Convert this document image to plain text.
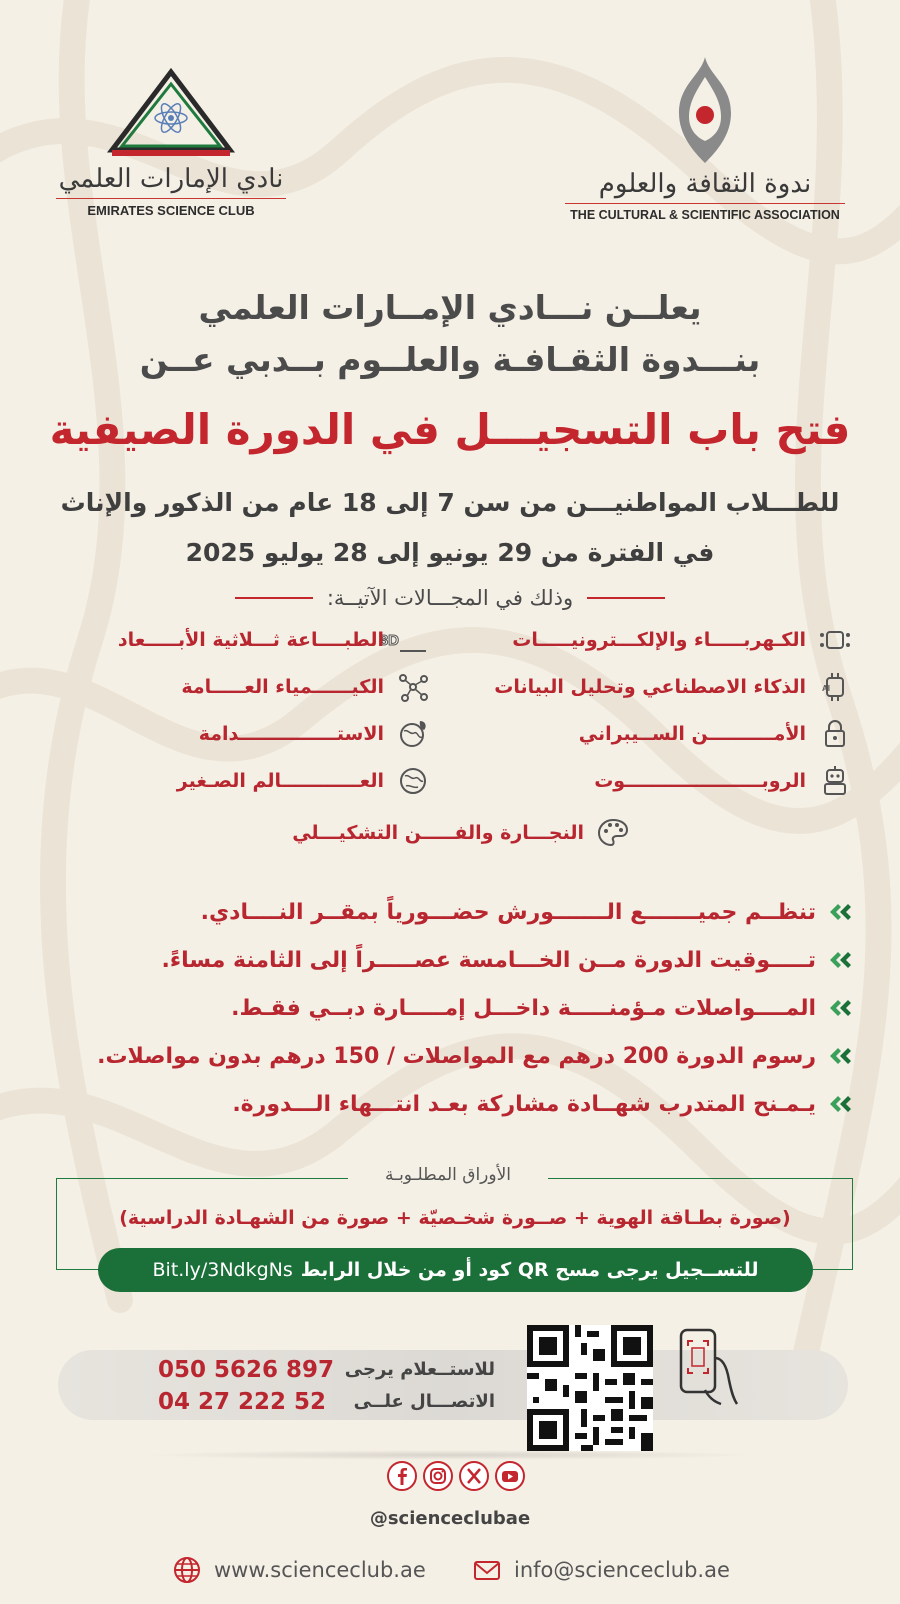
نادي الإمارات العلمي
EMIRATES SCIENCE CLUB
ندوة الثقافة والعلوم
THE CULTURAL & SCIENTIFIC ASSOCIATION
يعلــن نـــادي الإمــارات العلمي
بنـــدوة الثقـافـة والعلــوم بــدبي عــن
فتح باب التسجيـــل في الدورة الصيفية
للطـــلاب المواطنيـــن من سن 7 إلى 18 عام من الذكور والإناث
في الفترة من 29 يونيو إلى 28 يوليو 2025
وذلك في المجـــالات الآتيــة:
الكـهربـــــاء والإلكـــترونيـــــات
3D
الطبــــاعة ثـــلاثية الأبـــــعاد
AI
الذكاء الاصطناعي وتحليل البيانات
الكيــــــمياء العـــــامة
الأمــــــــــن الســيبراني
الاستـــــــــــــــدامة
الروبـــــــــــــــــــــوت
العــــــــــــالم الصـغير
النجـــارة والفـــــن التشكيـــلي
تنظــم جميـــــــع الـــــــورش حضـــورياً بمقــر النــــادي.
تـــــوقيت الدورة مــن الخـــامسة عصـــــراً إلى الثامنة مساءً.
المــــواصلات مـؤمنـــــة داخـــل إمـــــارة دبــي فقـط.
رسوم الدورة 200 درهم مع المواصلات / 150 درهم بدون مواصلات.
يـمـنح المتدرب شهــادة مشاركة بعـد انتـــهاء الـــدورة.
الأوراق المطلـوبـة
(صورة بطـاقة الهوية + صــورة شخـصيّة + صورة من الشهـادة الدراسية)
للتســجيل يرجى مسح QR كود أو من خلال الرابط
Bit.ly/3NdkgNs
للاستــعلام يرجى
الاتصـــال علــى
050 5626 897
04 27 222 52
@scienceclubae
www.scienceclub.ae	info@scienceclub.ae
